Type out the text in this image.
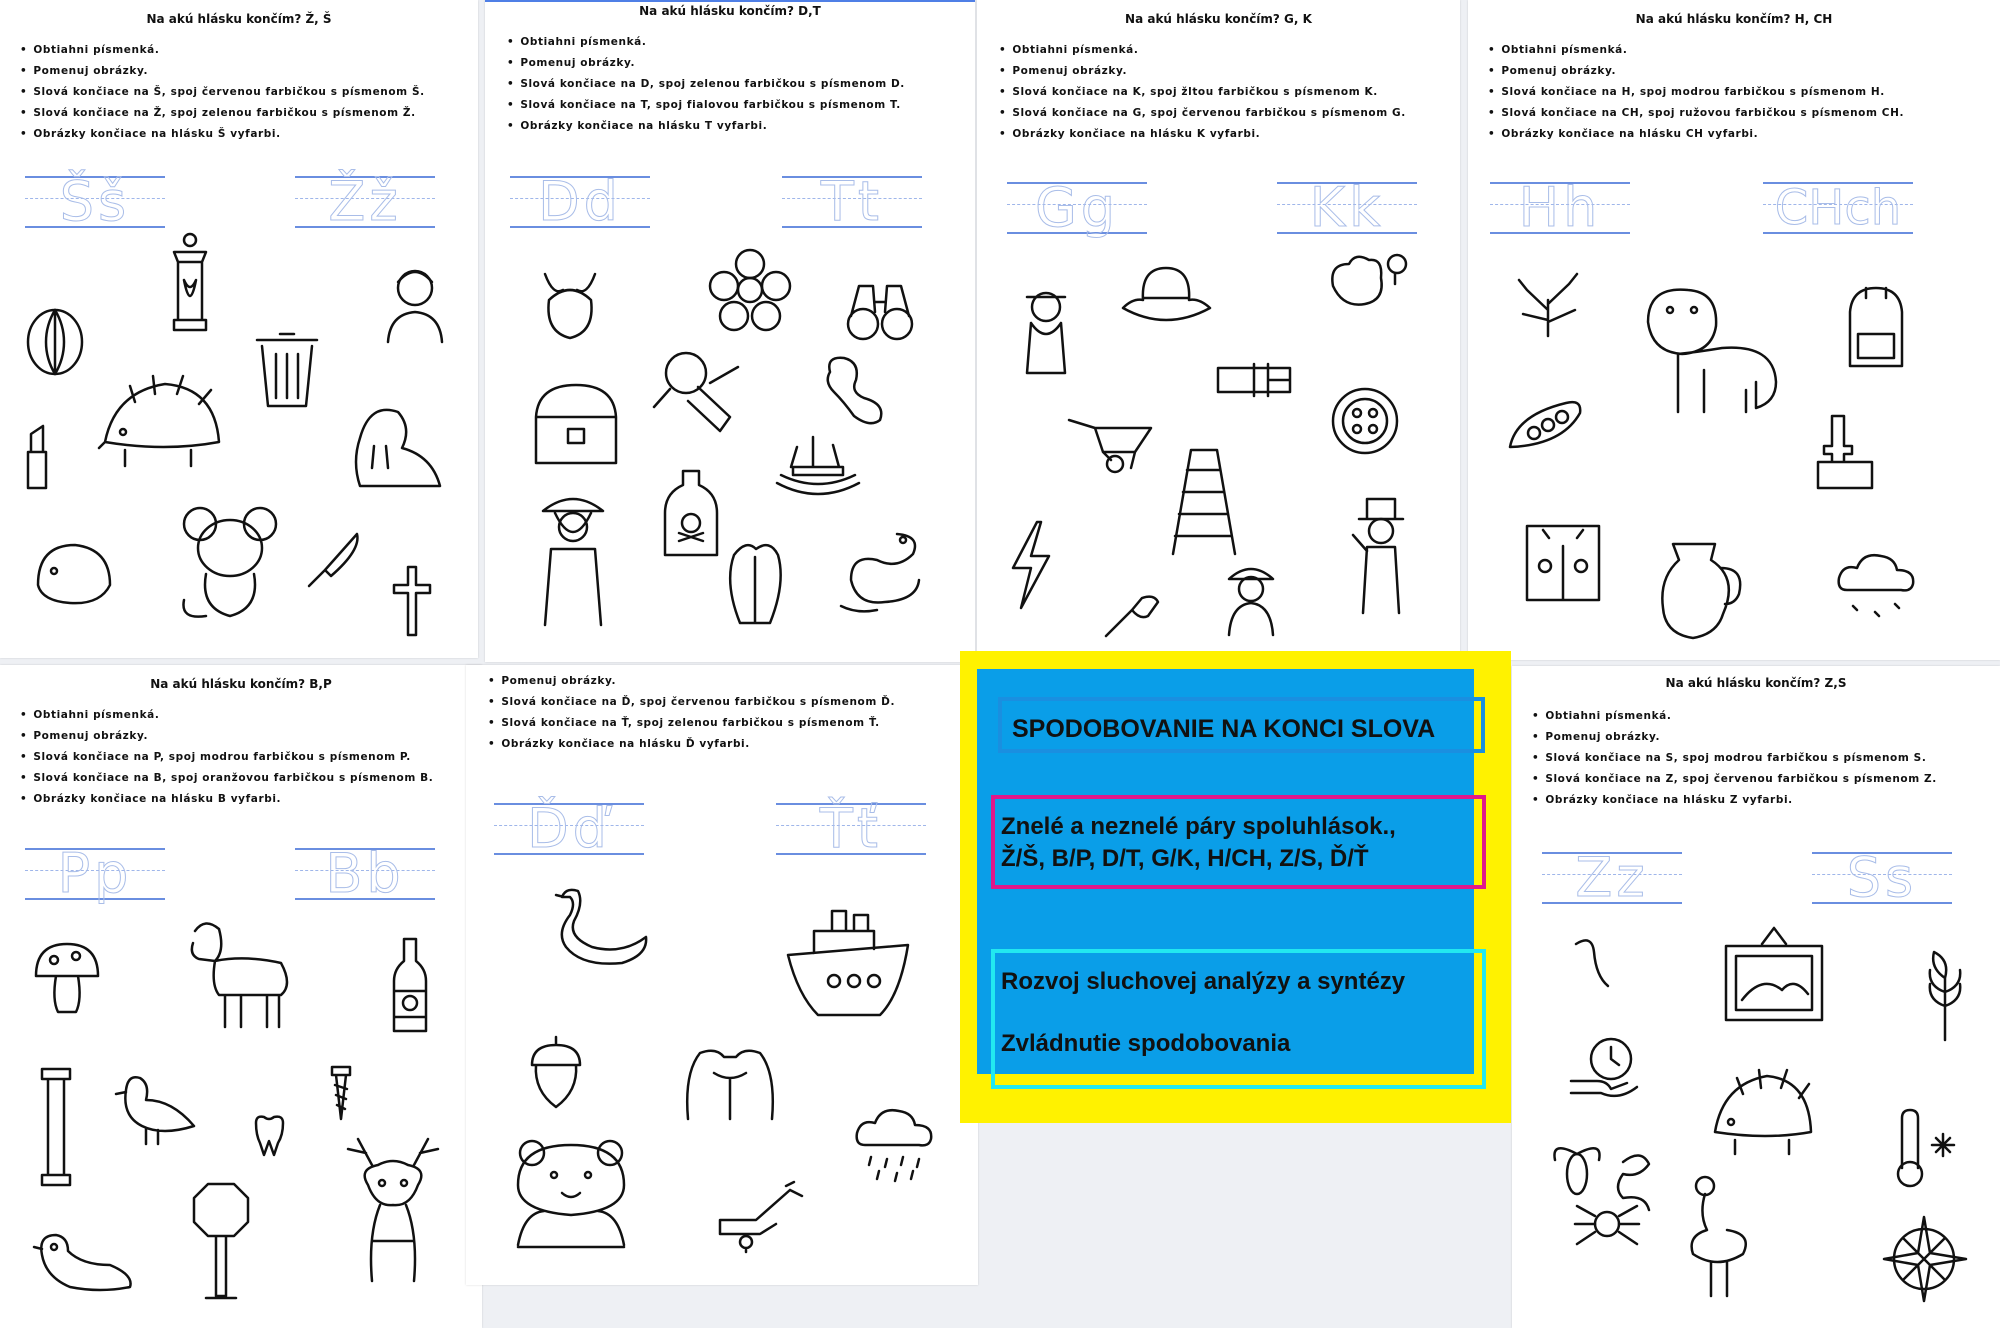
Na akú hlásku končím? Ž, Š
• Obtiahni písmenká.
• Pomenuj obrázky.
• Slová končiace na Š, spoj červenou farbičkou s písmenom Š.
• Slová končiace na Ž, spoj zelenou farbičkou s písmenom Ž.
• Obrázky končiace na hlásku Š vyfarbi.
Šš	Žž
Na akú hlásku končím? D,T
• Obtiahni písmenká.
• Pomenuj obrázky.
• Slová končiace na D, spoj zelenou farbičkou s písmenom D.
• Slová končiace na T, spoj fialovou farbičkou s písmenom T.
• Obrázky končiace na hlásku T vyfarbi.
Dd	Tt
Na akú hlásku končím? G, K
• Obtiahni písmenká.
• Pomenuj obrázky.
• Slová končiace na K, spoj žltou farbičkou s písmenom K.
• Slová končiace na G, spoj červenou farbičkou s písmenom G.
• Obrázky končiace na hlásku K vyfarbi.
Gg	Kk
Na akú hlásku končím? H, CH
• Obtiahni písmenká.
• Pomenuj obrázky.
• Slová končiace na H, spoj modrou farbičkou s písmenom H.
• Slová končiace na CH, spoj ružovou farbičkou s písmenom CH.
• Obrázky končiace na hlásku CH vyfarbi.
Hh	CHch
Na akú hlásku končím? B,P
• Obtiahni písmenká.
• Pomenuj obrázky.
• Slová končiace na P, spoj modrou farbičkou s písmenom P.
• Slová končiace na B, spoj oranžovou farbičkou s písmenom B.
• Obrázky končiace na hlásku B vyfarbi.
Pp	Bb
• Pomenuj obrázky.
• Slová končiace na Ď, spoj červenou farbičkou s písmenom Ď.
• Slová končiace na Ť, spoj zelenou farbičkou s písmenom Ť.
• Obrázky končiace na hlásku Ď vyfarbi.
Ďď	Ťť
SPODOBOVANIE NA KONCI SLOVA
Znelé a neznelé páry spoluhlások.,
Ž/Š, B/P, D/T, G/K, H/CH, Z/S, Ď/Ť
Rozvoj sluchovej analýzy a syntézy
Zvládnutie spodobovania
Na akú hlásku končím? Z,S
• Obtiahni písmenká.
• Pomenuj obrázky.
• Slová končiace na S, spoj modrou farbičkou s písmenom S.
• Slová končiace na Z, spoj červenou farbičkou s písmenom Z.
• Obrázky končiace na hlásku Z vyfarbi.
Zz	Ss
